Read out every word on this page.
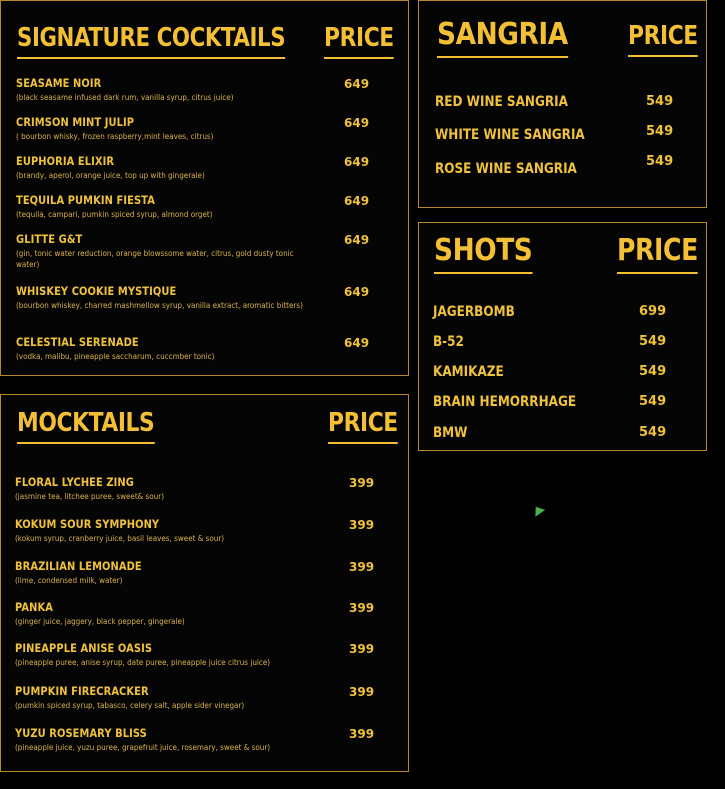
SIGNATURE COCKTAILS PRICE
SEASAME NOIR
(black seasame infused dark rum, vanilla syrup, citrus juice)
649
CRIMSON MINT JULIP
( bourbon whisky, frozen raspberry,mint leaves, citrus)
649
EUPHORIA ELIXIR
(brandy, aperol, orange juice, top up with gingerale)
649
TEQUILA PUMKIN FIESTA
(tequila, campari, pumkin spiced syrup, almond orget)
649
GLITTE G&T
(gin, tonic water reduction, orange blowssome water, citrus, gold dusty tonic water)
649
WHISKEY COOKIE MYSTIQUE
(bourbon whiskey, charred mashmellow syrup, vanilla extract, aromatic bitters)
649
CELESTIAL SERENADE
(vodka, malibu, pineapple saccharum, cuccmber tonic)
649
MOCKTAILS	PRICE
FLORAL LYCHEE ZING
(jasmine tea, litchee puree, sweet& sour)
399
KOKUM SOUR SYMPHONY
(kokum syrup, cranberry juice, basil leaves, sweet & sour)
399
BRAZILIAN LEMONADE
(lime, condensed milk, water)
399
PANKA
(ginger juice, jaggery, black pepper, gingerale)
399
PINEAPPLE ANISE OASIS
(pineapple puree, anise syrup, date puree, pineapple juice citrus juice)
399
PUMPKIN FIRECRACKER
(pumkin spiced syrup, tabasco, celery salt, apple sider vinegar)
399
YUZU ROSEMARY BLISS
(pineapple juice, yuzu puree, grapefruit juice, rosemary, sweet & sour)
399
SANGRIA PRICE
RED WINE SANGRIA	549
WHITE WINE SANGRIA	549
ROSE WINE SANGRIA	549
SHOTS	PRICE
JAGERBOMB	699
B-52	549
KAMIKAZE	549
BRAIN HEMORRHAGE	549
BMW	549
